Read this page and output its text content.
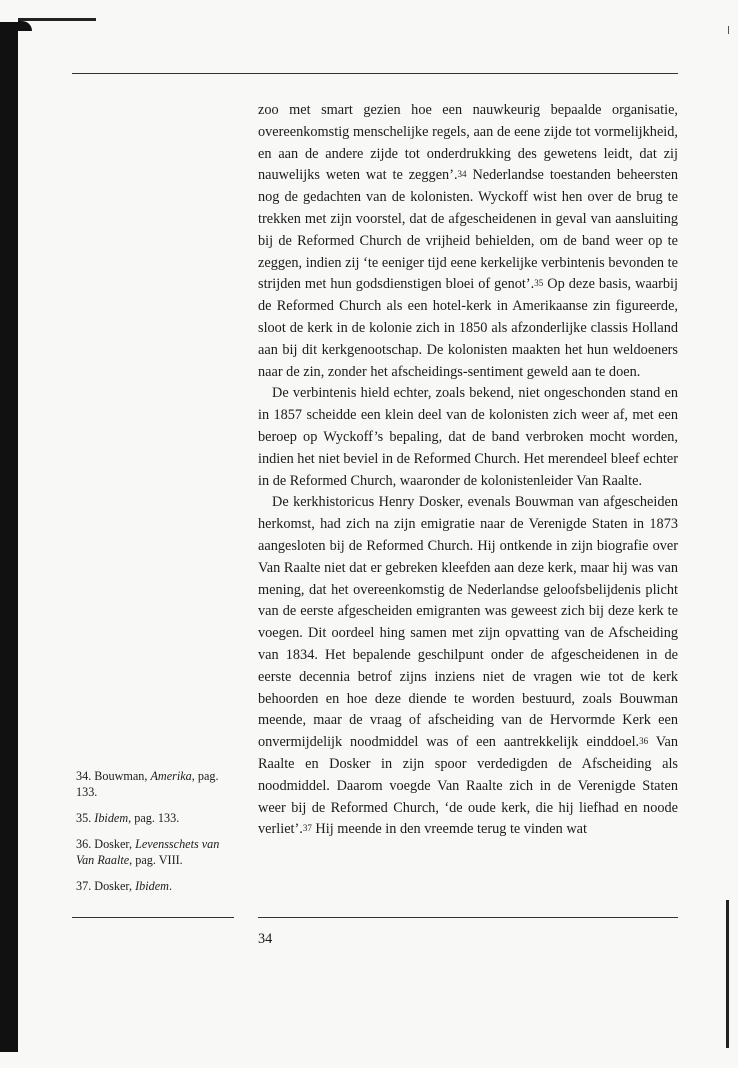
zoo met smart gezien hoe een nauwkeurig bepaalde organisatie, overeenkomstig menschelijke regels, aan de eene zijde tot vormelijkheid, en aan de andere zijde tot onderdrukking des gewetens leidt, dat zij nauwelijks weten wat te zeggen’.$^{34}$ Nederlandse toestanden beheersten nog de gedachten van de kolonisten. Wyckoff wist hen over de brug te trekken met zijn voorstel, dat de afgescheidenen in geval van aansluiting bij de Reformed Church de vrijheid behielden, om de band weer op te zeggen, indien zij ‘te eeniger tijd eene kerkelijke verbintenis bevonden te strijden met hun godsdienstigen bloei of genot’.$^{35}$ Op deze basis, waarbij de Reformed Church als een hotel-kerk in Amerikaanse zin figureerde, sloot de kerk in de kolonie zich in 1850 als afzonderlijke classis Holland aan bij dit kerkgenootschap. De kolonisten maakten het hun weldoeners naar de zin, zonder het afscheidings-sentiment geweld aan te doen.

De verbintenis hield echter, zoals bekend, niet ongeschonden stand en in 1857 scheidde een klein deel van de kolonisten zich weer af, met een beroep op Wyckoff’s bepaling, dat de band verbroken mocht worden, indien het niet beviel in de Reformed Church. Het merendeel bleef echter in de Reformed Church, waaronder de kolonistenleider Van Raalte.

De kerkhistoricus Henry Dosker, evenals Bouwman van afgescheiden herkomst, had zich na zijn emigratie naar de Verenigde Staten in 1873 aangesloten bij de Reformed Church. Hij ontkende in zijn biografie over Van Raalte niet dat er gebreken kleefden aan deze kerk, maar hij was van mening, dat het overeenkomstig de Nederlandse geloofsbelijdenis plicht van de eerste afgescheiden emigranten was geweest zich bij deze kerk te voegen. Dit oordeel hing samen met zijn opvatting van de Afscheiding van 1834. Het bepalende geschilpunt onder de afgescheidenen in de eerste decennia betrof zijns inziens niet de vragen wie tot de kerk behoorden en hoe deze diende te worden bestuurd, zoals Bouwman meende, maar de vraag of afscheiding van de Hervormde Kerk een onvermijdelijk noodmiddel was of een aantrekkelijk einddoel.$^{36}$ Van Raalte en Dosker in zijn spoor verdedigden de Afscheiding als noodmiddel. Daarom voegde Van Raalte zich in de Verenigde Staten weer bij de Reformed Church, ‘de oude kerk, die hij liefhad en noode verliet’.$^{37}$ Hij meende in den vreemde terug te vinden wat

34. Bouwman, Amerika, pag. 133.

35. Ibidem, pag. 133.

36. Dosker, Levensschets van Van Raalte, pag. VIII.

37. Dosker, Ibidem.

34
